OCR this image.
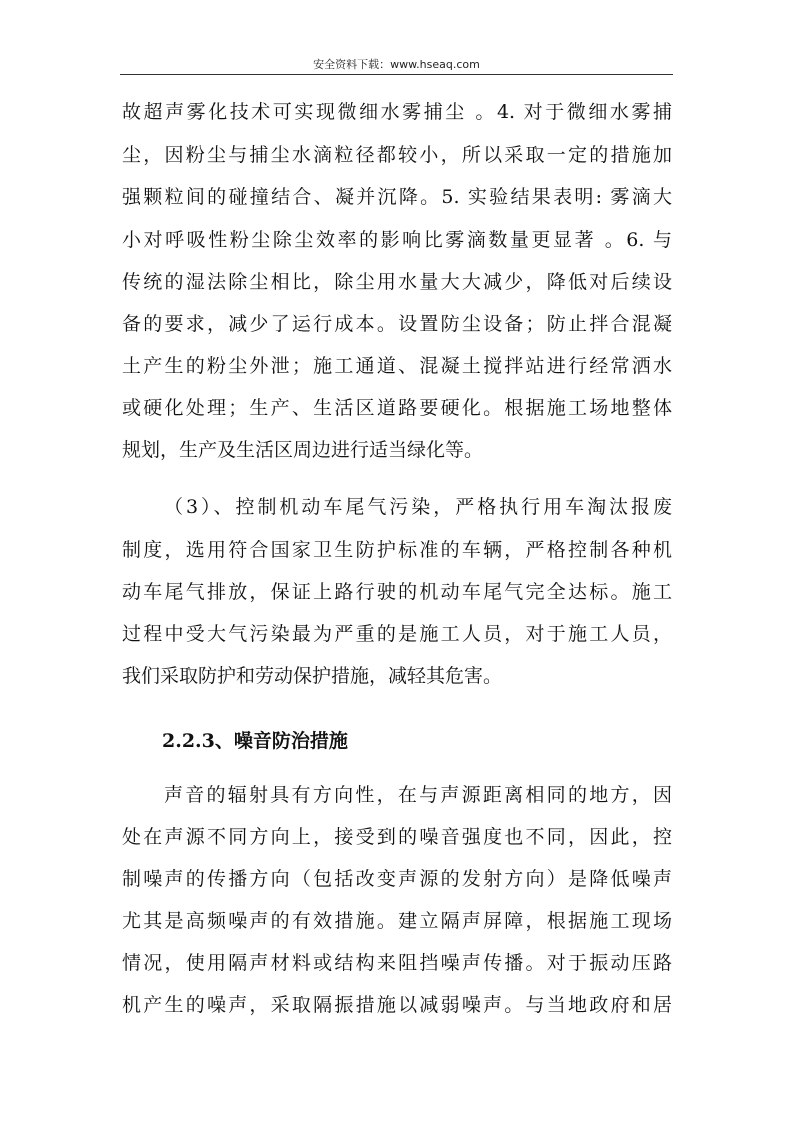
安全资料下载：www.hseaq.com
故超声雾化技术可实现微细水雾捕尘 。4. 对于微细水雾捕
尘，因粉尘与捕尘水滴粒径都较小，所以采取一定的措施加
强颗粒间的碰撞结合、凝并沉降。5. 实验结果表明: 雾滴大
小对呼吸性粉尘除尘效率的影响比雾滴数量更显著 。6. 与
传统的湿法除尘相比，除尘用水量大大减少，降低对后续设
备的要求，减少了运行成本。设置防尘设备；防止拌合混凝
土产生的粉尘外泄；施工通道、混凝土搅拌站进行经常洒水
或硬化处理；生产、生活区道路要硬化。根据施工场地整体
规划，生产及生活区周边进行适当绿化等。
（3）、控制机动车尾气污染，严格执行用车淘汰报废
制度，选用符合国家卫生防护标准的车辆，严格控制各种机
动车尾气排放，保证上路行驶的机动车尾气完全达标。施工
过程中受大气污染最为严重的是施工人员，对于施工人员，
我们采取防护和劳动保护措施，减轻其危害。
2.2.3、噪音防治措施
声音的辐射具有方向性，在与声源距离相同的地方，因
处在声源不同方向上，接受到的噪音强度也不同，因此，控
制噪声的传播方向（包括改变声源的发射方向）是降低噪声
尤其是高频噪声的有效措施。建立隔声屏障，根据施工现场
情况，使用隔声材料或结构来阻挡噪声传播。对于振动压路
机产生的噪声，采取隔振措施以减弱噪声。与当地政府和居
